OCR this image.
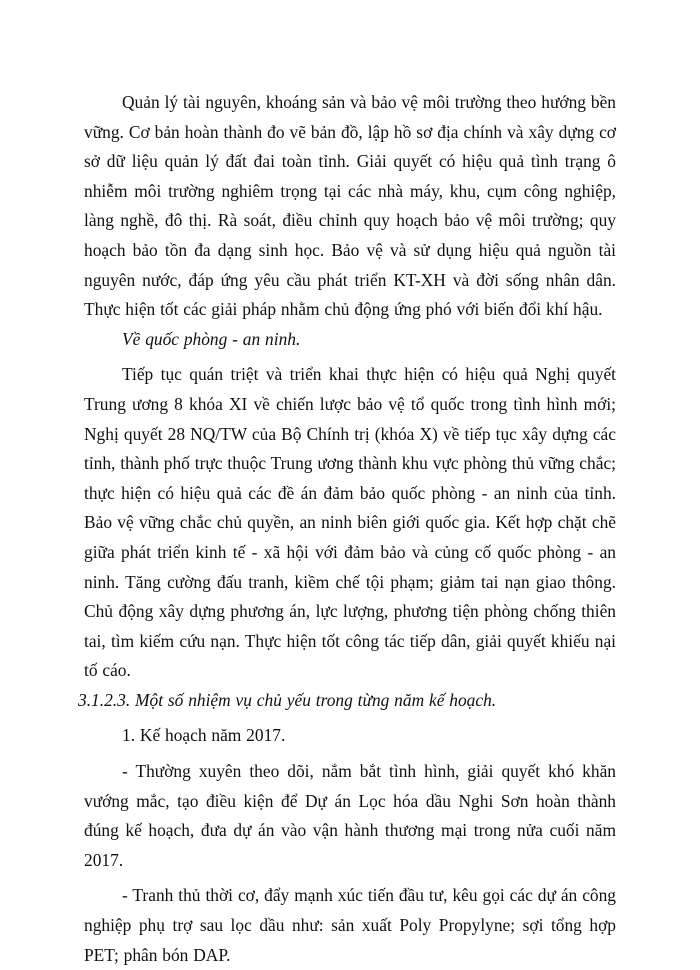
Quản lý tài nguyên, khoáng sản và bảo vệ môi trường theo hướng bền vững. Cơ bản hoàn thành đo vẽ bản đồ, lập hồ sơ địa chính và xây dựng cơ sở dữ liệu quản lý đất đai toàn tỉnh. Giải quyết có hiệu quả tình trạng ô nhiễm môi trường nghiêm trọng tại các nhà máy, khu, cụm công nghiệp, làng nghề, đô thị. Rà soát, điều chỉnh quy hoạch bảo vệ môi trường; quy hoạch bảo tồn đa dạng sinh học. Bảo vệ và sử dụng hiệu quả nguồn tài nguyên nước, đáp ứng yêu cầu phát triển KT-XH và đời sống nhân dân. Thực hiện tốt các giải pháp nhằm chủ động ứng phó với biến đổi khí hậu.

Về quốc phòng - an ninh.

Tiếp tục quán triệt và triển khai thực hiện có hiệu quả Nghị quyết Trung ương 8 khóa XI về chiến lược bảo vệ tổ quốc trong tình hình mới; Nghị quyết 28 NQ/TW của Bộ Chính trị (khóa X) về tiếp tục xây dựng các tỉnh, thành phố trực thuộc Trung ương thành khu vực phòng thủ vững chắc; thực hiện có hiệu quả các đề án đảm bảo quốc phòng - an ninh của tỉnh. Bảo vệ vững chắc chủ quyền, an ninh biên giới quốc gia. Kết hợp chặt chẽ giữa phát triển kinh tế - xã hội với đảm bảo và củng cố quốc phòng - an ninh. Tăng cường đấu tranh, kiềm chế tội phạm; giảm tai nạn giao thông. Chủ động xây dựng phương án, lực lượng, phương tiện phòng chống thiên tai, tìm kiếm cứu nạn. Thực hiện tốt công tác tiếp dân, giải quyết khiếu nại tố cáo.

3.1.2.3. Một số nhiệm vụ chủ yếu trong từng năm kế hoạch.

1. Kế hoạch năm 2017.

- Thường xuyên theo dõi, nắm bắt tình hình, giải quyết khó khăn vướng mắc, tạo điều kiện để Dự án Lọc hóa dầu Nghi Sơn hoàn thành đúng kế hoạch, đưa dự án vào vận hành thương mại trong nửa cuối năm 2017.

- Tranh thủ thời cơ, đẩy mạnh xúc tiến đầu tư, kêu gọi các dự án công nghiệp phụ trợ sau lọc dầu như: sản xuất Poly Propylyne; sợi tổng hợp PET; phân bón DAP.
